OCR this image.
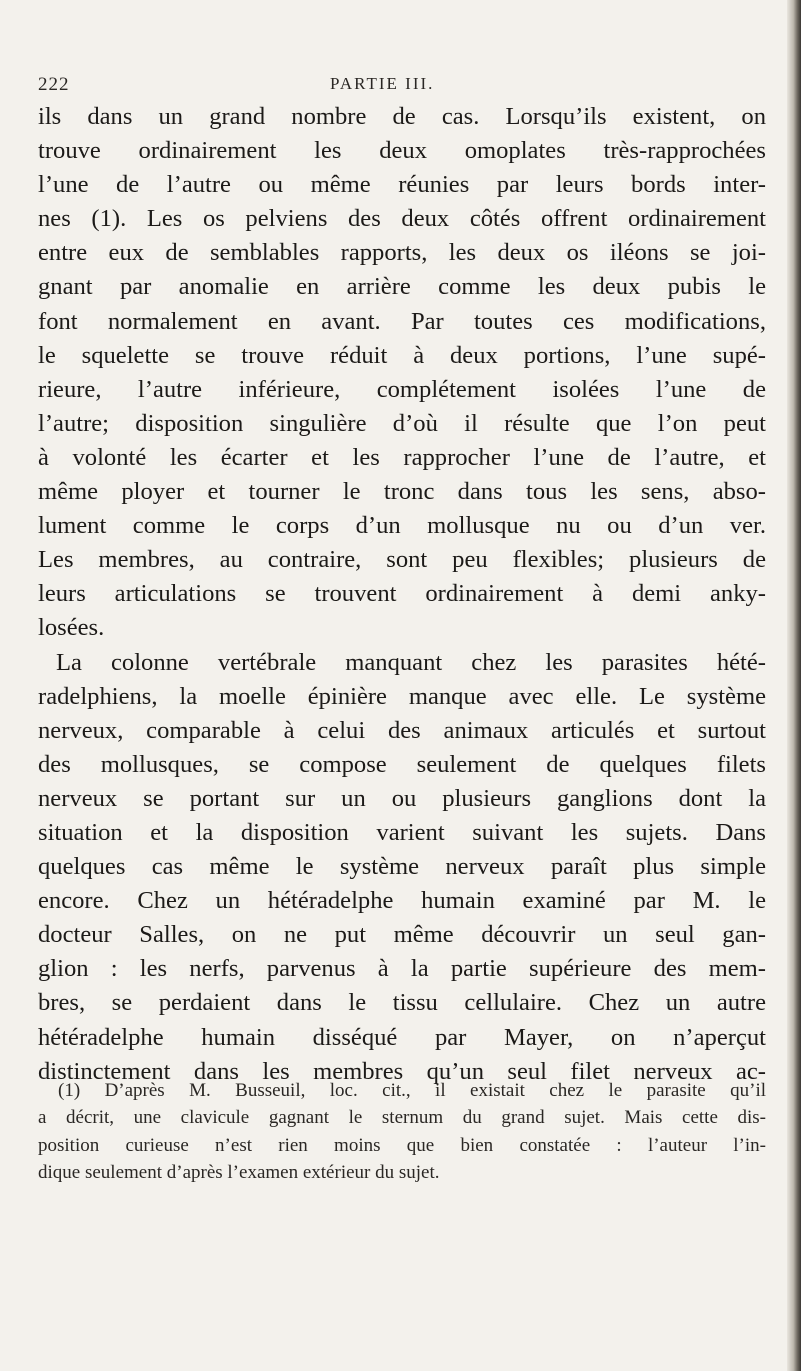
222	PARTIE III.
ils dans un grand nombre de cas. Lorsqu’ils existent, on
trouve ordinairement les deux omoplates très-rapprochées
l’une de l’autre ou même réunies par leurs bords inter-
nes (1). Les os pelviens des deux côtés offrent ordinairement
entre eux de semblables rapports, les deux os iléons se joi-
gnant par anomalie en arrière comme les deux pubis le
font normalement en avant. Par toutes ces modifications,
le squelette se trouve réduit à deux portions, l’une supé-
rieure, l’autre inférieure, complétement isolées l’une de
l’autre; disposition singulière d’où il résulte que l’on peut
à volonté les écarter et les rapprocher l’une de l’autre, et
même ployer et tourner le tronc dans tous les sens, abso-
lument comme le corps d’un mollusque nu ou d’un ver.
Les membres, au contraire, sont peu flexibles; plusieurs de
leurs articulations se trouvent ordinairement à demi anky-
losées.
La colonne vertébrale manquant chez les parasites hété-
radelphiens, la moelle épinière manque avec elle. Le système
nerveux, comparable à celui des animaux articulés et surtout
des mollusques, se compose seulement de quelques filets
nerveux se portant sur un ou plusieurs ganglions dont la
situation et la disposition varient suivant les sujets. Dans
quelques cas même le système nerveux paraît plus simple
encore. Chez un hétéradelphe humain examiné par M. le
docteur Salles, on ne put même découvrir un seul gan-
glion : les nerfs, parvenus à la partie supérieure des mem-
bres, se perdaient dans le tissu cellulaire. Chez un autre
hétéradelphe humain disséqué par Mayer, on n’aperçut
distinctement dans les membres qu’un seul filet nerveux ac-
(1) D’après M. Busseuil, loc. cit., il existait chez le parasite qu’il
a décrit, une clavicule gagnant le sternum du grand sujet. Mais cette dis-
position curieuse n’est rien moins que bien constatée : l’auteur l’in-
dique seulement d’après l’examen extérieur du sujet.
